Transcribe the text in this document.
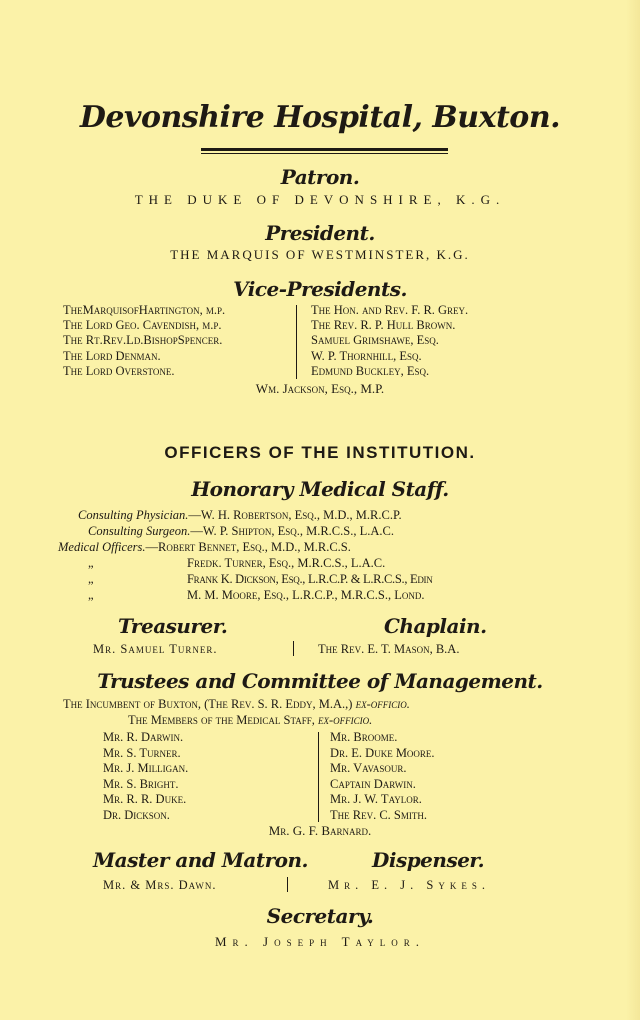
Devonshire Hospital, Buxton.
Patron.
THE DUKE OF DEVONSHIRE, K.G.
President.
THE MARQUIS OF WESTMINSTER, K.G.
Vice-Presidents.
TheMarquisofHartington, m.p.
The Lord Geo. Cavendish, m.p.
The Rt.Rev.Ld.BishopSpencer.
The Lord Denman.
The Lord Overstone.
The Hon. and Rev. F. R. Grey.
The Rev. R. P. Hull Brown.
Samuel Grimshawe, Esq.
W. P. Thornhill, Esq.
Edmund Buckley, Esq.
Wm. Jackson, Esq., M.P.
OFFICERS OF THE INSTITUTION.
Honorary Medical Staff.
Consulting Physician.—W. H. Robertson, Esq., M.D., M.R.C.P.
Consulting Surgeon.—W. P. Shipton, Esq., M.R.C.S., L.A.C.
Medical Officers.—Robert Bennet, Esq., M.D., M.R.C.S.
„	Fredk. Turner, Esq., M.R.C.S., L.A.C.
„	Frank K. Dickson, Esq., L.R.C.P. & L.R.C.S., Edin
„	M. M. Moore, Esq., L.R.C.P., M.R.C.S., Lond.
Treasurer.	Chaplain.
Mr. Samuel Turner.	The Rev. E. T. Mason, B.A.
Trustees and Committee of Management.
The Incumbent of Buxton, (The Rev. S. R. Eddy, M.A.,) ex-officio.
The Members of the Medical Staff, ex-officio.
Mr. R. Darwin.
Mr. S. Turner.
Mr. J. Milligan.
Mr. S. Bright.
Mr. R. R. Duke.
Dr. Dickson.
Mr. Broome.
Dr. E. Duke Moore.
Mr. Vavasour.
Captain Darwin.
Mr. J. W. Taylor.
The Rev. C. Smith.
Mr. G. F. Barnard.
Master and Matron.	Dispenser.
Mr. & Mrs. Dawn.	Mr. E. J. Sykes.
Secretary.
Mr. Joseph Taylor.
